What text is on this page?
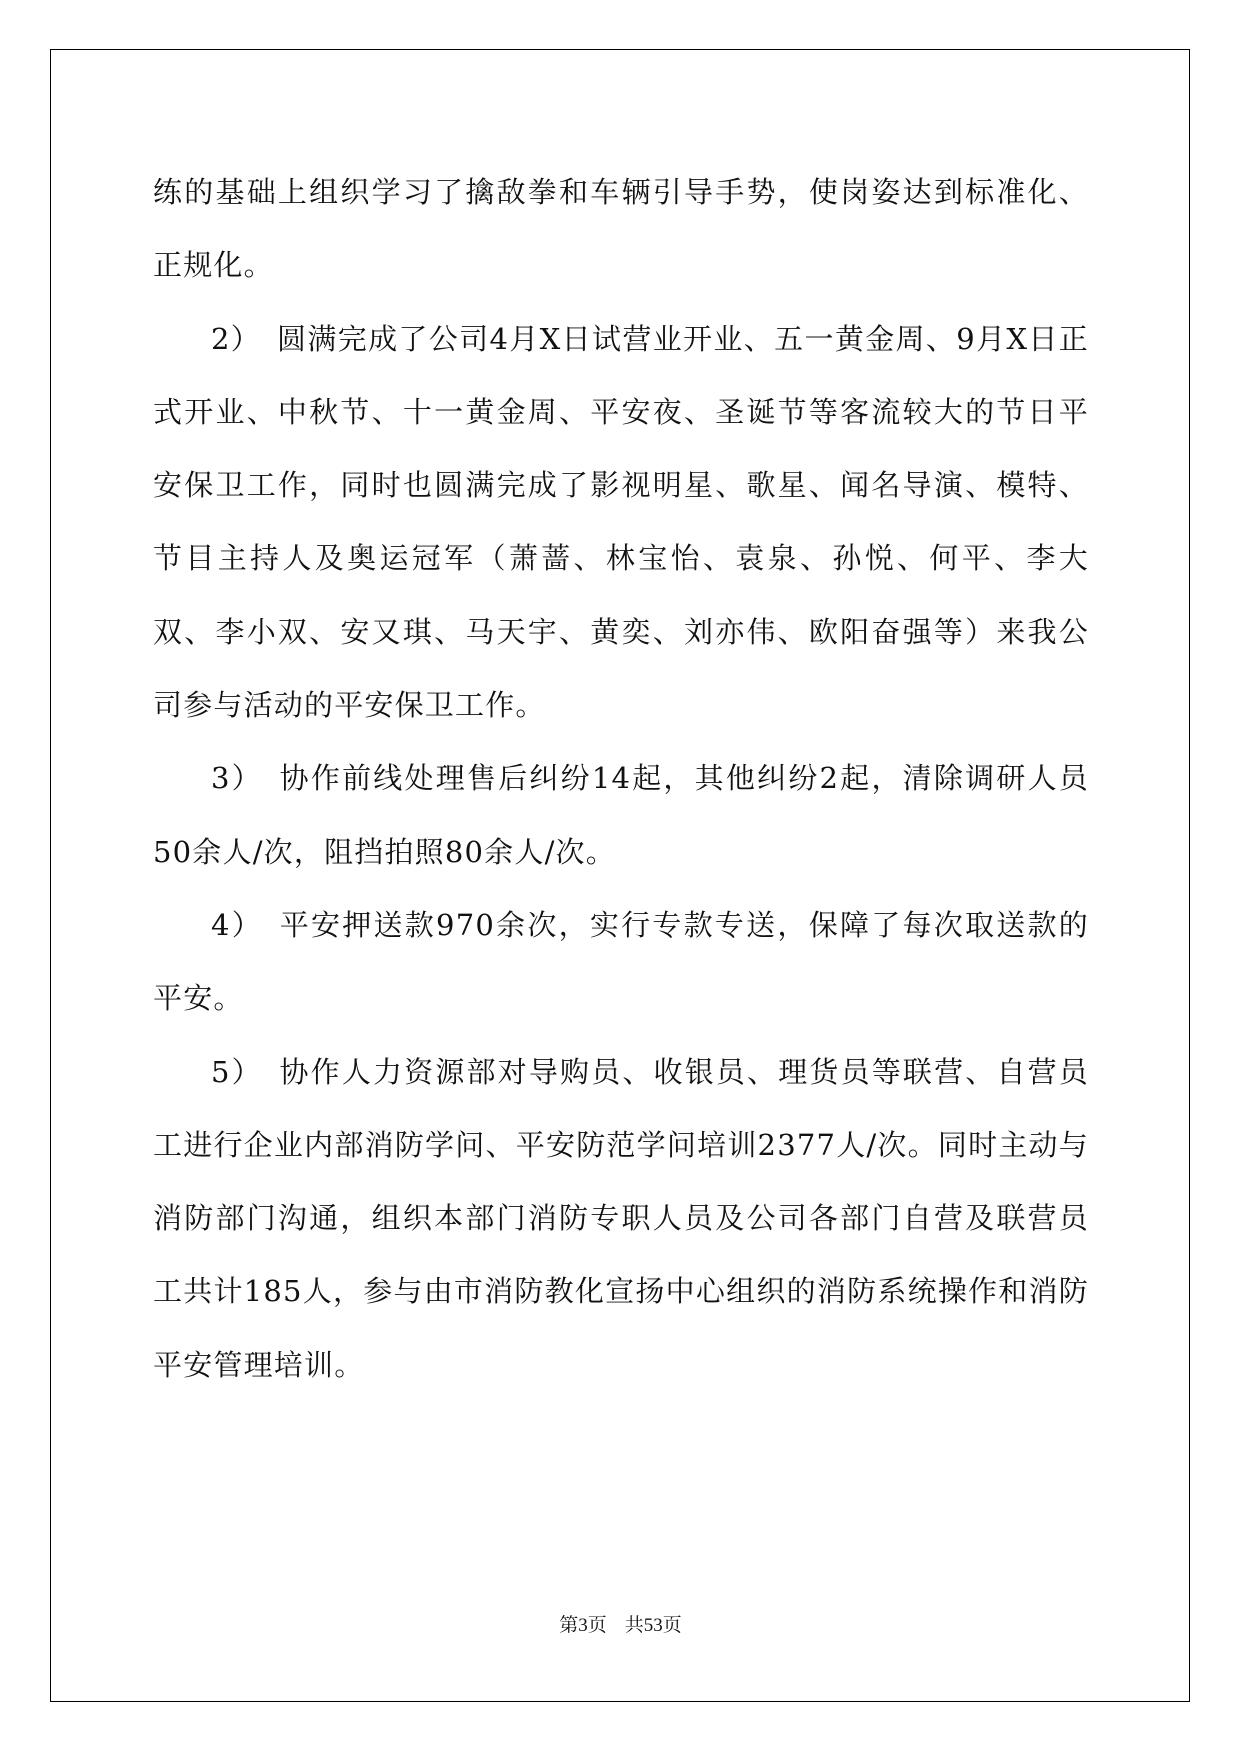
练的基础上组织学习了擒敌拳和车辆引导手势，使岗姿达到标准化、正规化。

2）　圆满完成了公司4月X日试营业开业、五一黄金周、9月X日正式开业、中秋节、十一黄金周、平安夜、圣诞节等客流较大的节日平安保卫工作，同时也圆满完成了影视明星、歌星、闻名导演、模特、节目主持人及奥运冠军（萧蔷、林宝怡、袁泉、孙悦、何平、李大双、李小双、安又琪、马天宇、黄奕、刘亦伟、欧阳奋强等）来我公司参与活动的平安保卫工作。

3）　协作前线处理售后纠纷14起，其他纠纷2起，清除调研人员50余人/次，阻挡拍照80余人/次。

4）　平安押送款970余次，实行专款专送，保障了每次取送款的平安。

5）　协作人力资源部对导购员、收银员、理货员等联营、自营员工进行企业内部消防学问、平安防范学问培训2377人/次。同时主动与消防部门沟通，组织本部门消防专职人员及公司各部门自营及联营员工共计185人，参与由市消防教化宣扬中心组织的消防系统操作和消防平安管理培训。

第3页 共53页
